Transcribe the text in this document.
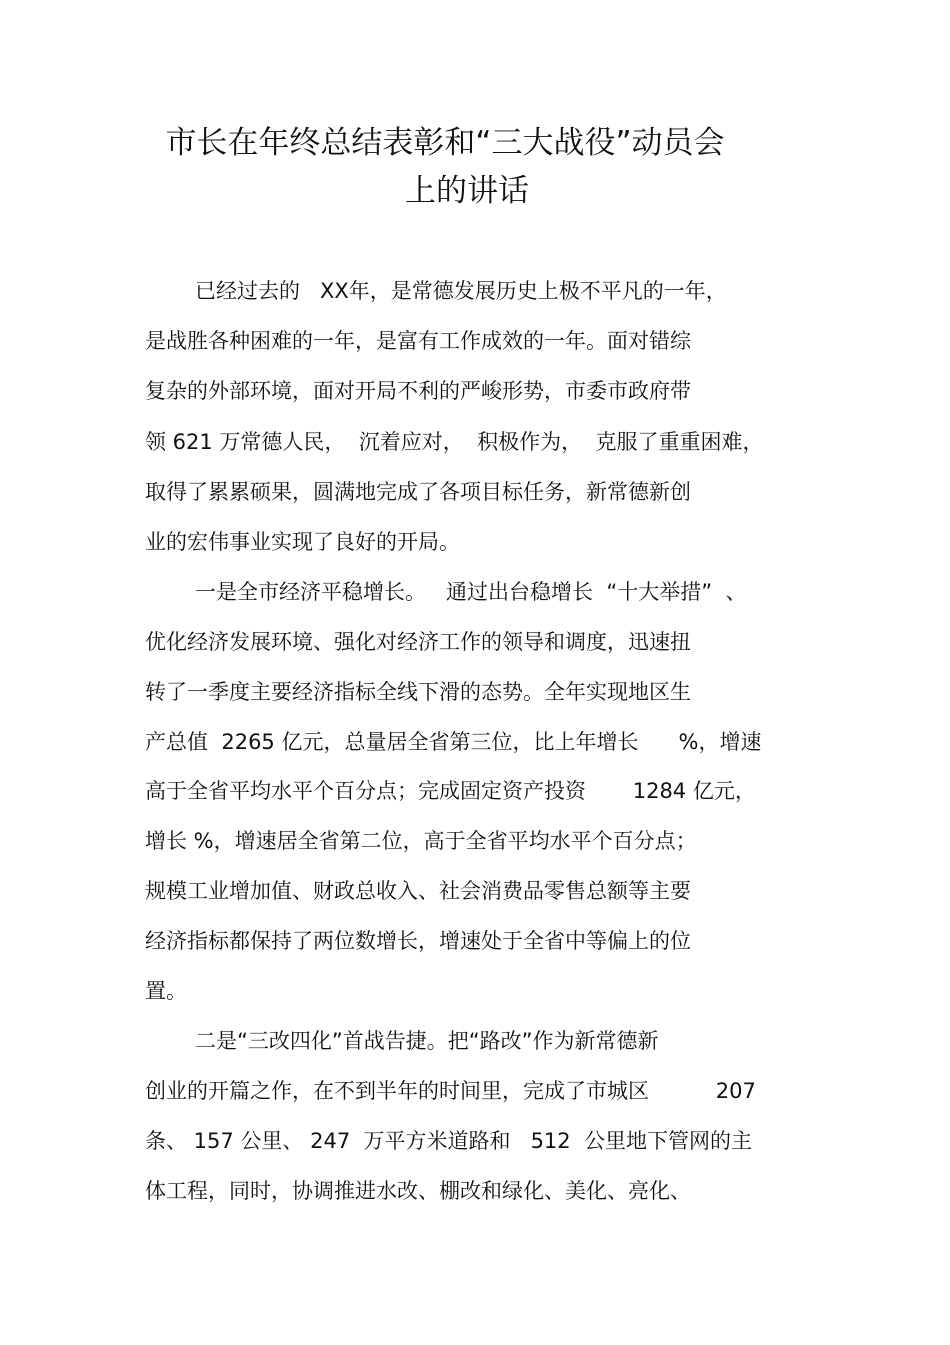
市长在年终总结表彰和“三大战役”动员会
上的讲话

已经过去的   XX年，是常德发展历史上极不平凡的一年，

是战胜各种困难的一年，是富有工作成效的一年。面对错综

复杂的外部环境，面对开局不利的严峻形势，市委市政府带

领 621 万常德人民，  沉着应对，  积极作为，  克服了重重困难，

取得了累累硕果，圆满地完成了各项目标任务，新常德新创

业的宏伟事业实现了良好的开局。

一是全市经济平稳增长。   通过出台稳增长  “十大举措”  、

优化经济发展环境、强化对经济工作的领导和调度，迅速扭

转了一季度主要经济指标全线下滑的态势。全年实现地区生

产总值  2265 亿元，总量居全省第三位，比上年增长      %，增速

高于全省平均水平个百分点；完成固定资产投资       1284 亿元，

增长 %，增速居全省第二位，高于全省平均水平个百分点；

规模工业增加值、财政总收入、社会消费品零售总额等主要

经济指标都保持了两位数增长，增速处于全省中等偏上的位

置。

二是“三改四化”首战告捷。把“路改”作为新常德新

创业的开篇之作，在不到半年的时间里，完成了市城区          207

条、 157 公里、 247  万平方米道路和   512  公里地下管网的主

体工程，同时，协调推进水改、棚改和绿化、美化、亮化、
